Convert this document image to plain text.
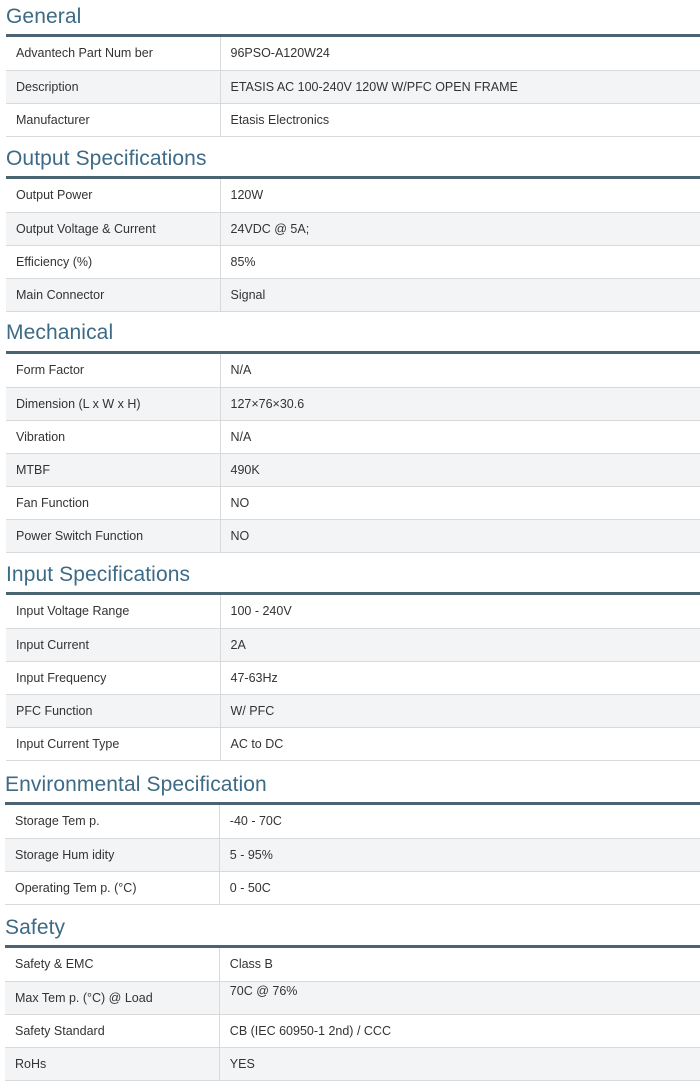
General
Advantech Part Num ber	96PSO-A120W24
Description	ETASIS AC 100-240V 120W W/PFC OPEN FRAME
Manufacturer	Etasis Electronics
Output Specifications
Output Power	120W
Output Voltage & Current	24VDC @ 5A;
Efficiency (%)	85%
Main Connector	Signal
Mechanical
Form Factor	N/A
Dimension (L x W x H)	127×76×30.6
Vibration	N/A
MTBF	490K
Fan Function	NO
Power Switch Function	NO
Input Specifications
Input Voltage Range	100 - 240V
Input Current	2A
Input Frequency	47-63Hz
PFC Function	W/ PFC
Input Current Type	AC to DC
Environmental Specification
Storage Tem p.	-40 - 70C
Storage Hum idity	5 - 95%
Operating Tem p. (°C)	0 - 50C
Safety
Safety & EMC	Class B
Max Tem p. (°C) @ Load	70C @ 76%
Safety Standard	CB (IEC 60950-1 2nd) / CCC
RoHs	YES
